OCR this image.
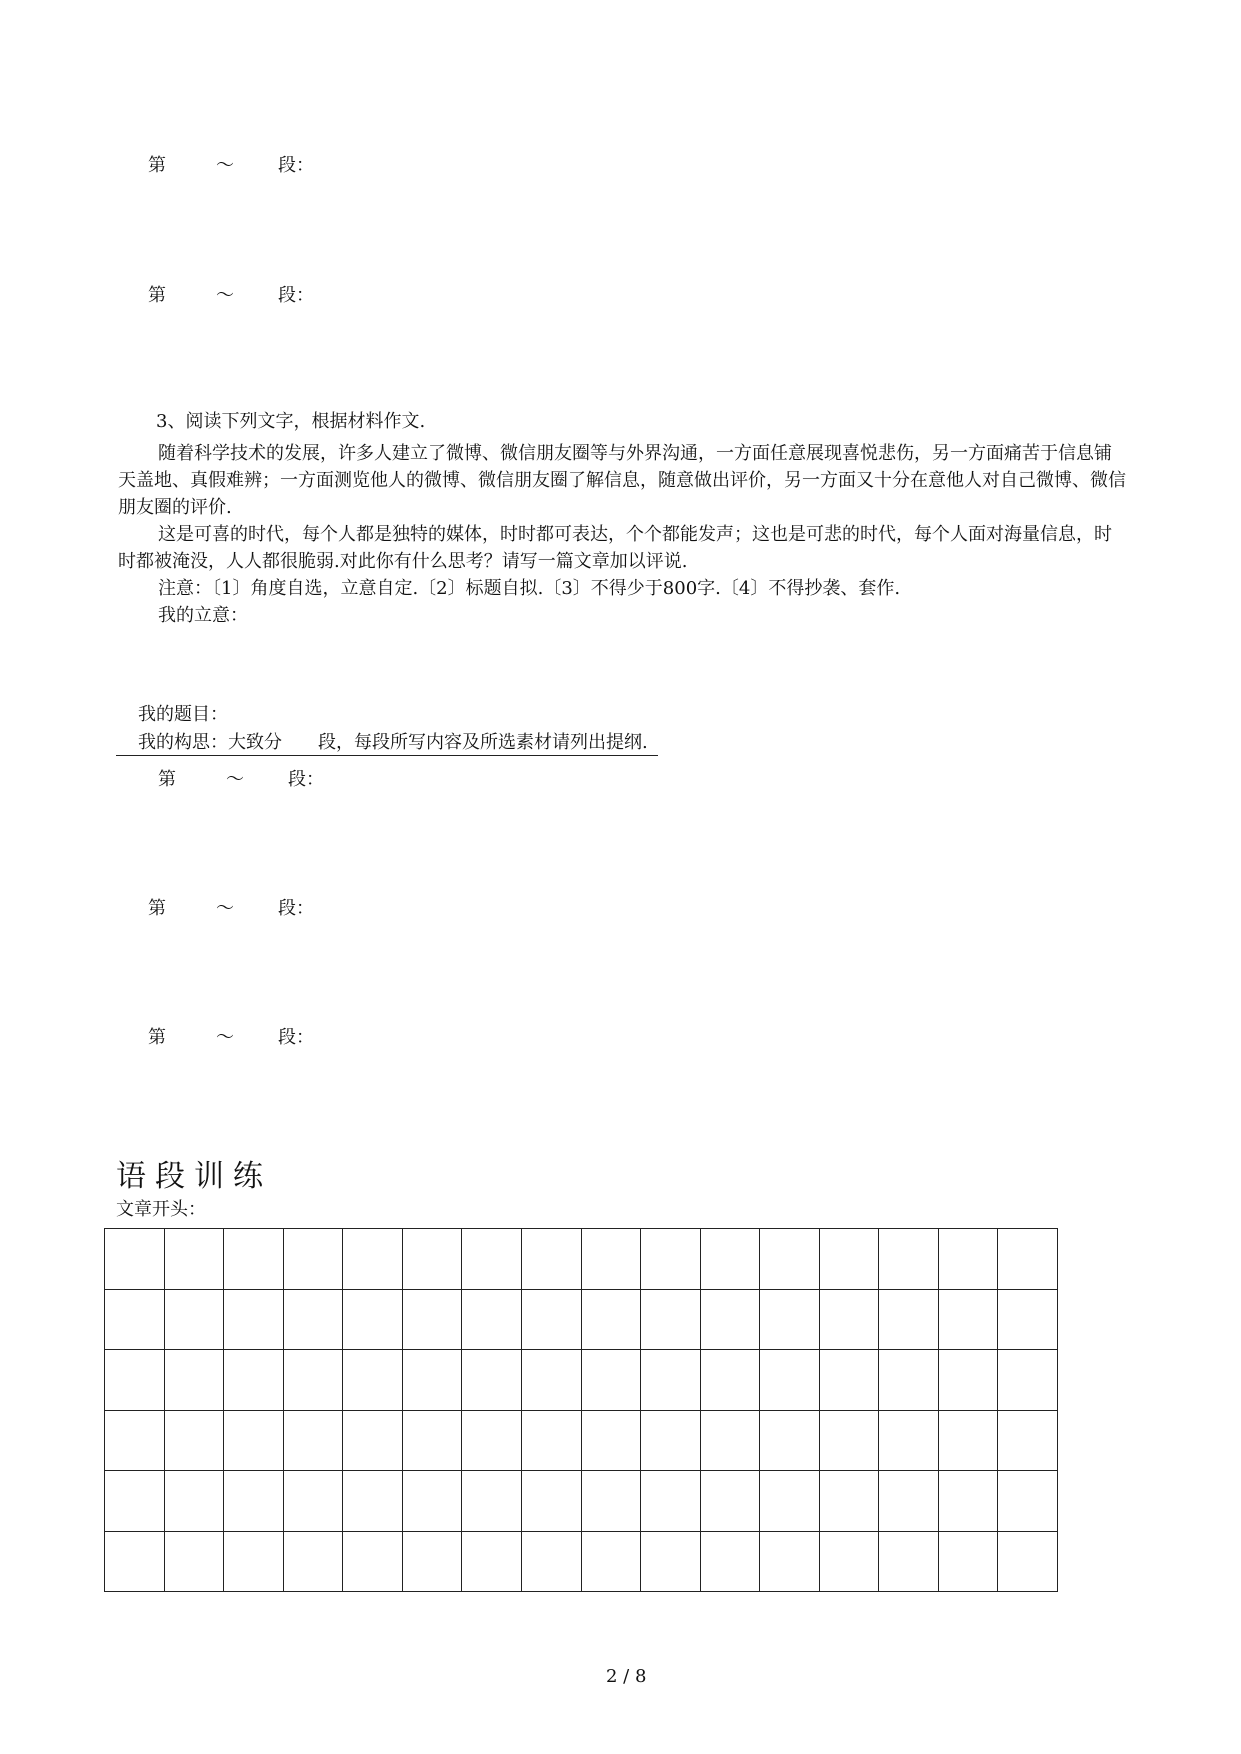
第	～ 段：
第	～ 段：
3、阅读下列文字，根据材料作文.
随着科学技术的发展，许多人建立了微博、微信朋友圈等与外界沟通，一方面任意展现喜悦悲伤，另一方面痛苦于信息铺天盖地、真假难辨；一方面测览他人的微博、微信朋友圈了解信息，随意做出评价，另一方面又十分在意他人对自己微博、微信朋友圈的评价.
这是可喜的时代，每个人都是独特的媒体，时时都可表达，个个都能发声；这也是可悲的时代，每个人面对海量信息，时时都被淹没，人人都很脆弱.对此你有什么思考？请写一篇文章加以评说.
注意：〔1〕角度自选，立意自定.〔2〕标题自拟.〔3〕不得少于800字.〔4〕不得抄袭、套作.
我的立意：
我的题目：
我的构思：大致分　　段，每段所写内容及所选素材请列出提纲.
第	～ 段：
第	～ 段：
第	～ 段：
语段训练
文章开头：
2 / 8
